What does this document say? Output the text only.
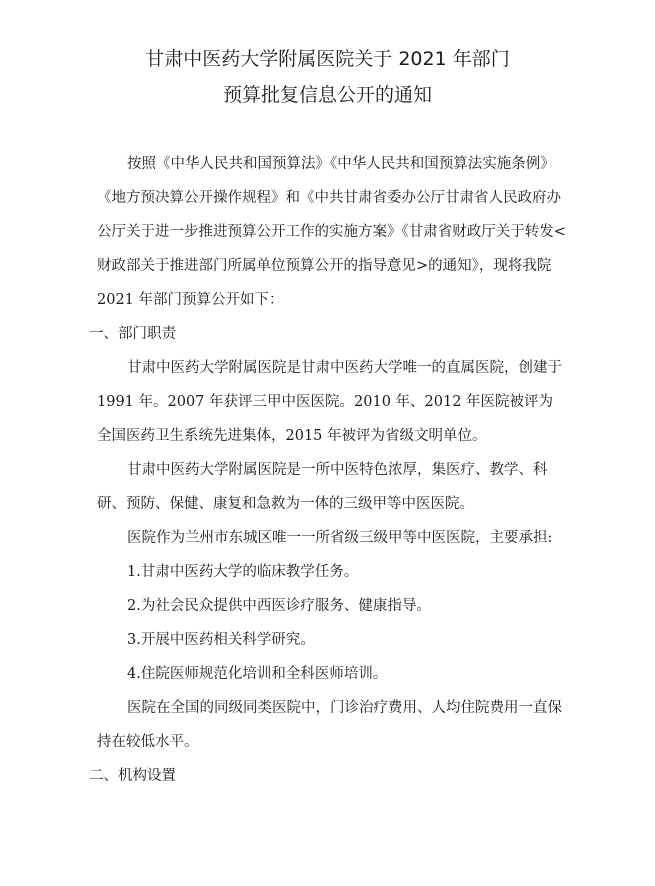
甘肃中医药大学附属医院关于 2021 年部门
预算批复信息公开的通知

按照《中华人民共和国预算法》《中华人民共和国预算法实施条例》《地方预决算公开操作规程》和《中共甘肃省委办公厅甘肃省人民政府办公厅关于进一步推进预算公开工作的实施方案》《甘肃省财政厅关于转发<财政部关于推进部门所属单位预算公开的指导意见>的通知》，现将我院 2021 年部门预算公开如下：

一、部门职责

甘肃中医药大学附属医院是甘肃中医药大学唯一的直属医院，创建于 1991 年。2007 年获评三甲中医医院。2010 年、2012 年医院被评为全国医药卫生系统先进集体，2015 年被评为省级文明单位。

甘肃中医药大学附属医院是一所中医特色浓厚，集医疗、教学、科研、预防、保健、康复和急救为一体的三级甲等中医医院。

医院作为兰州市东城区唯一一所省级三级甲等中医医院，主要承担:

1.甘肃中医药大学的临床教学任务。

2.为社会民众提供中西医诊疗服务、健康指导。

3.开展中医药相关科学研究。

4.住院医师规范化培训和全科医师培训。

医院在全国的同级同类医院中，门诊治疗费用、人均住院费用一直保持在较低水平。

二、机构设置
